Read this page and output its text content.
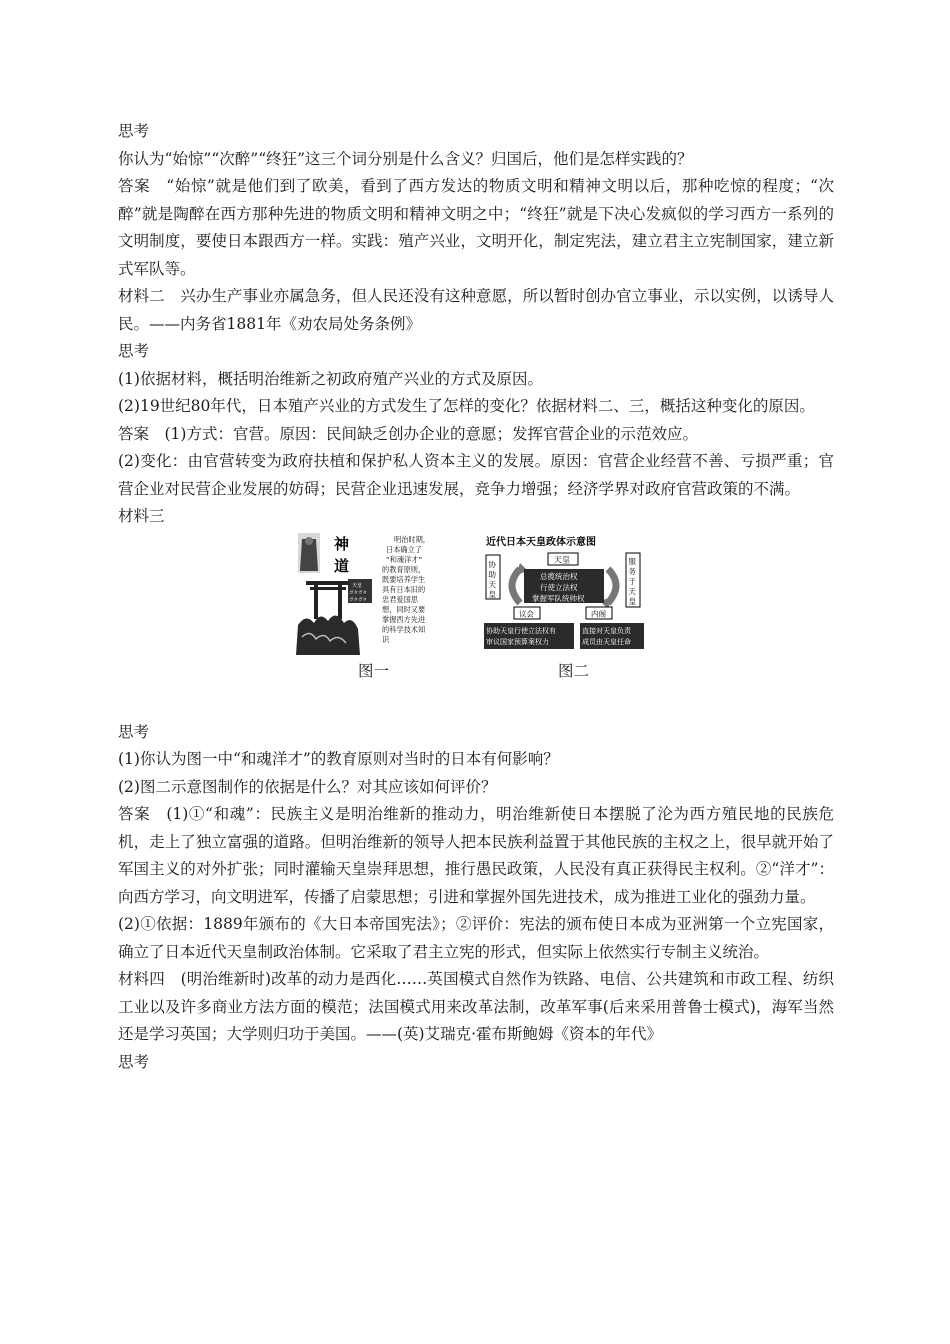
思考

你认为“始惊”“次醉”“终狂”这三个词分别是什么含义？归国后，他们是怎样实践的？

答案　“始惊”就是他们到了欧美，看到了西方发达的物质文明和精神文明以后，那种吃惊的程度；“次醉”就是陶醉在西方那种先进的物质文明和精神文明之中；“终狂”就是下决心发疯似的学习西方一系列的文明制度，要使日本跟西方一样。实践：殖产兴业，文明开化，制定宪法，建立君主立宪制国家，建立新式军队等。

材料二　兴办生产事业亦属急务，但人民还没有这种意愿，所以暂时创办官立事业，示以实例，以诱导人民。——内务省1881年《劝农局处务条例》

思考

(1)依据材料，概括明治维新之初政府殖产兴业的方式及原因。

(2)19世纪80年代，日本殖产兴业的方式发生了怎样的变化？依据材料二、三，概括这种变化的原因。

答案　(1)方式：官营。原因：民间缺乏创办企业的意愿；发挥官营企业的示范效应。

(2)变化：由官营转变为政府扶植和保护私人资本主义的发展。原因：官营企业经营不善、亏损严重；官营企业对民营企业发展的妨碍；民营企业迅速发展，竞争力增强；经济学界对政府官营政策的不满。

材料三

神
道
天皇
ガタガタ
ガタガタ
明治时期，
日本确立了
“和魂洋才”
的教育原则，
既要培养学生
具有日本旧的
忠君爱国思
想，同时又要
掌握西方先进
的科学技术知
识
近代日本天皇政体示意图
天皇
协
助
天
皇
服
务
于
天
皇
总揽统治权
行使立法权
掌握军队统帅权
议会	内阁
协助天皇行使立法权有
审议国家预算案权力
直接对天皇负责
成员由天皇任命
图一	图二

思考

(1)你认为图一中“和魂洋才”的教育原则对当时的日本有何影响？

(2)图二示意图制作的依据是什么？对其应该如何评价？

答案　(1)①“和魂”：民族主义是明治维新的推动力，明治维新使日本摆脱了沦为西方殖民地的民族危机，走上了独立富强的道路。但明治维新的领导人把本民族利益置于其他民族的主权之上，很早就开始了军国主义的对外扩张；同时灌输天皇崇拜思想，推行愚民政策，人民没有真正获得民主权利。②“洋才”：向西方学习，向文明进军，传播了启蒙思想；引进和掌握外国先进技术，成为推进工业化的强劲力量。

(2)①依据：1889年颁布的《大日本帝国宪法》；②评价：宪法的颁布使日本成为亚洲第一个立宪国家，确立了日本近代天皇制政治体制。它采取了君主立宪的形式，但实际上依然实行专制主义统治。

材料四　(明治维新时)改革的动力是西化……英国模式自然作为铁路、电信、公共建筑和市政工程、纺织工业以及许多商业方法方面的模范；法国模式用来改革法制，改革军事(后来采用普鲁士模式)，海军当然还是学习英国；大学则归功于美国。——(英)艾瑞克·霍布斯鲍姆《资本的年代》

思考
